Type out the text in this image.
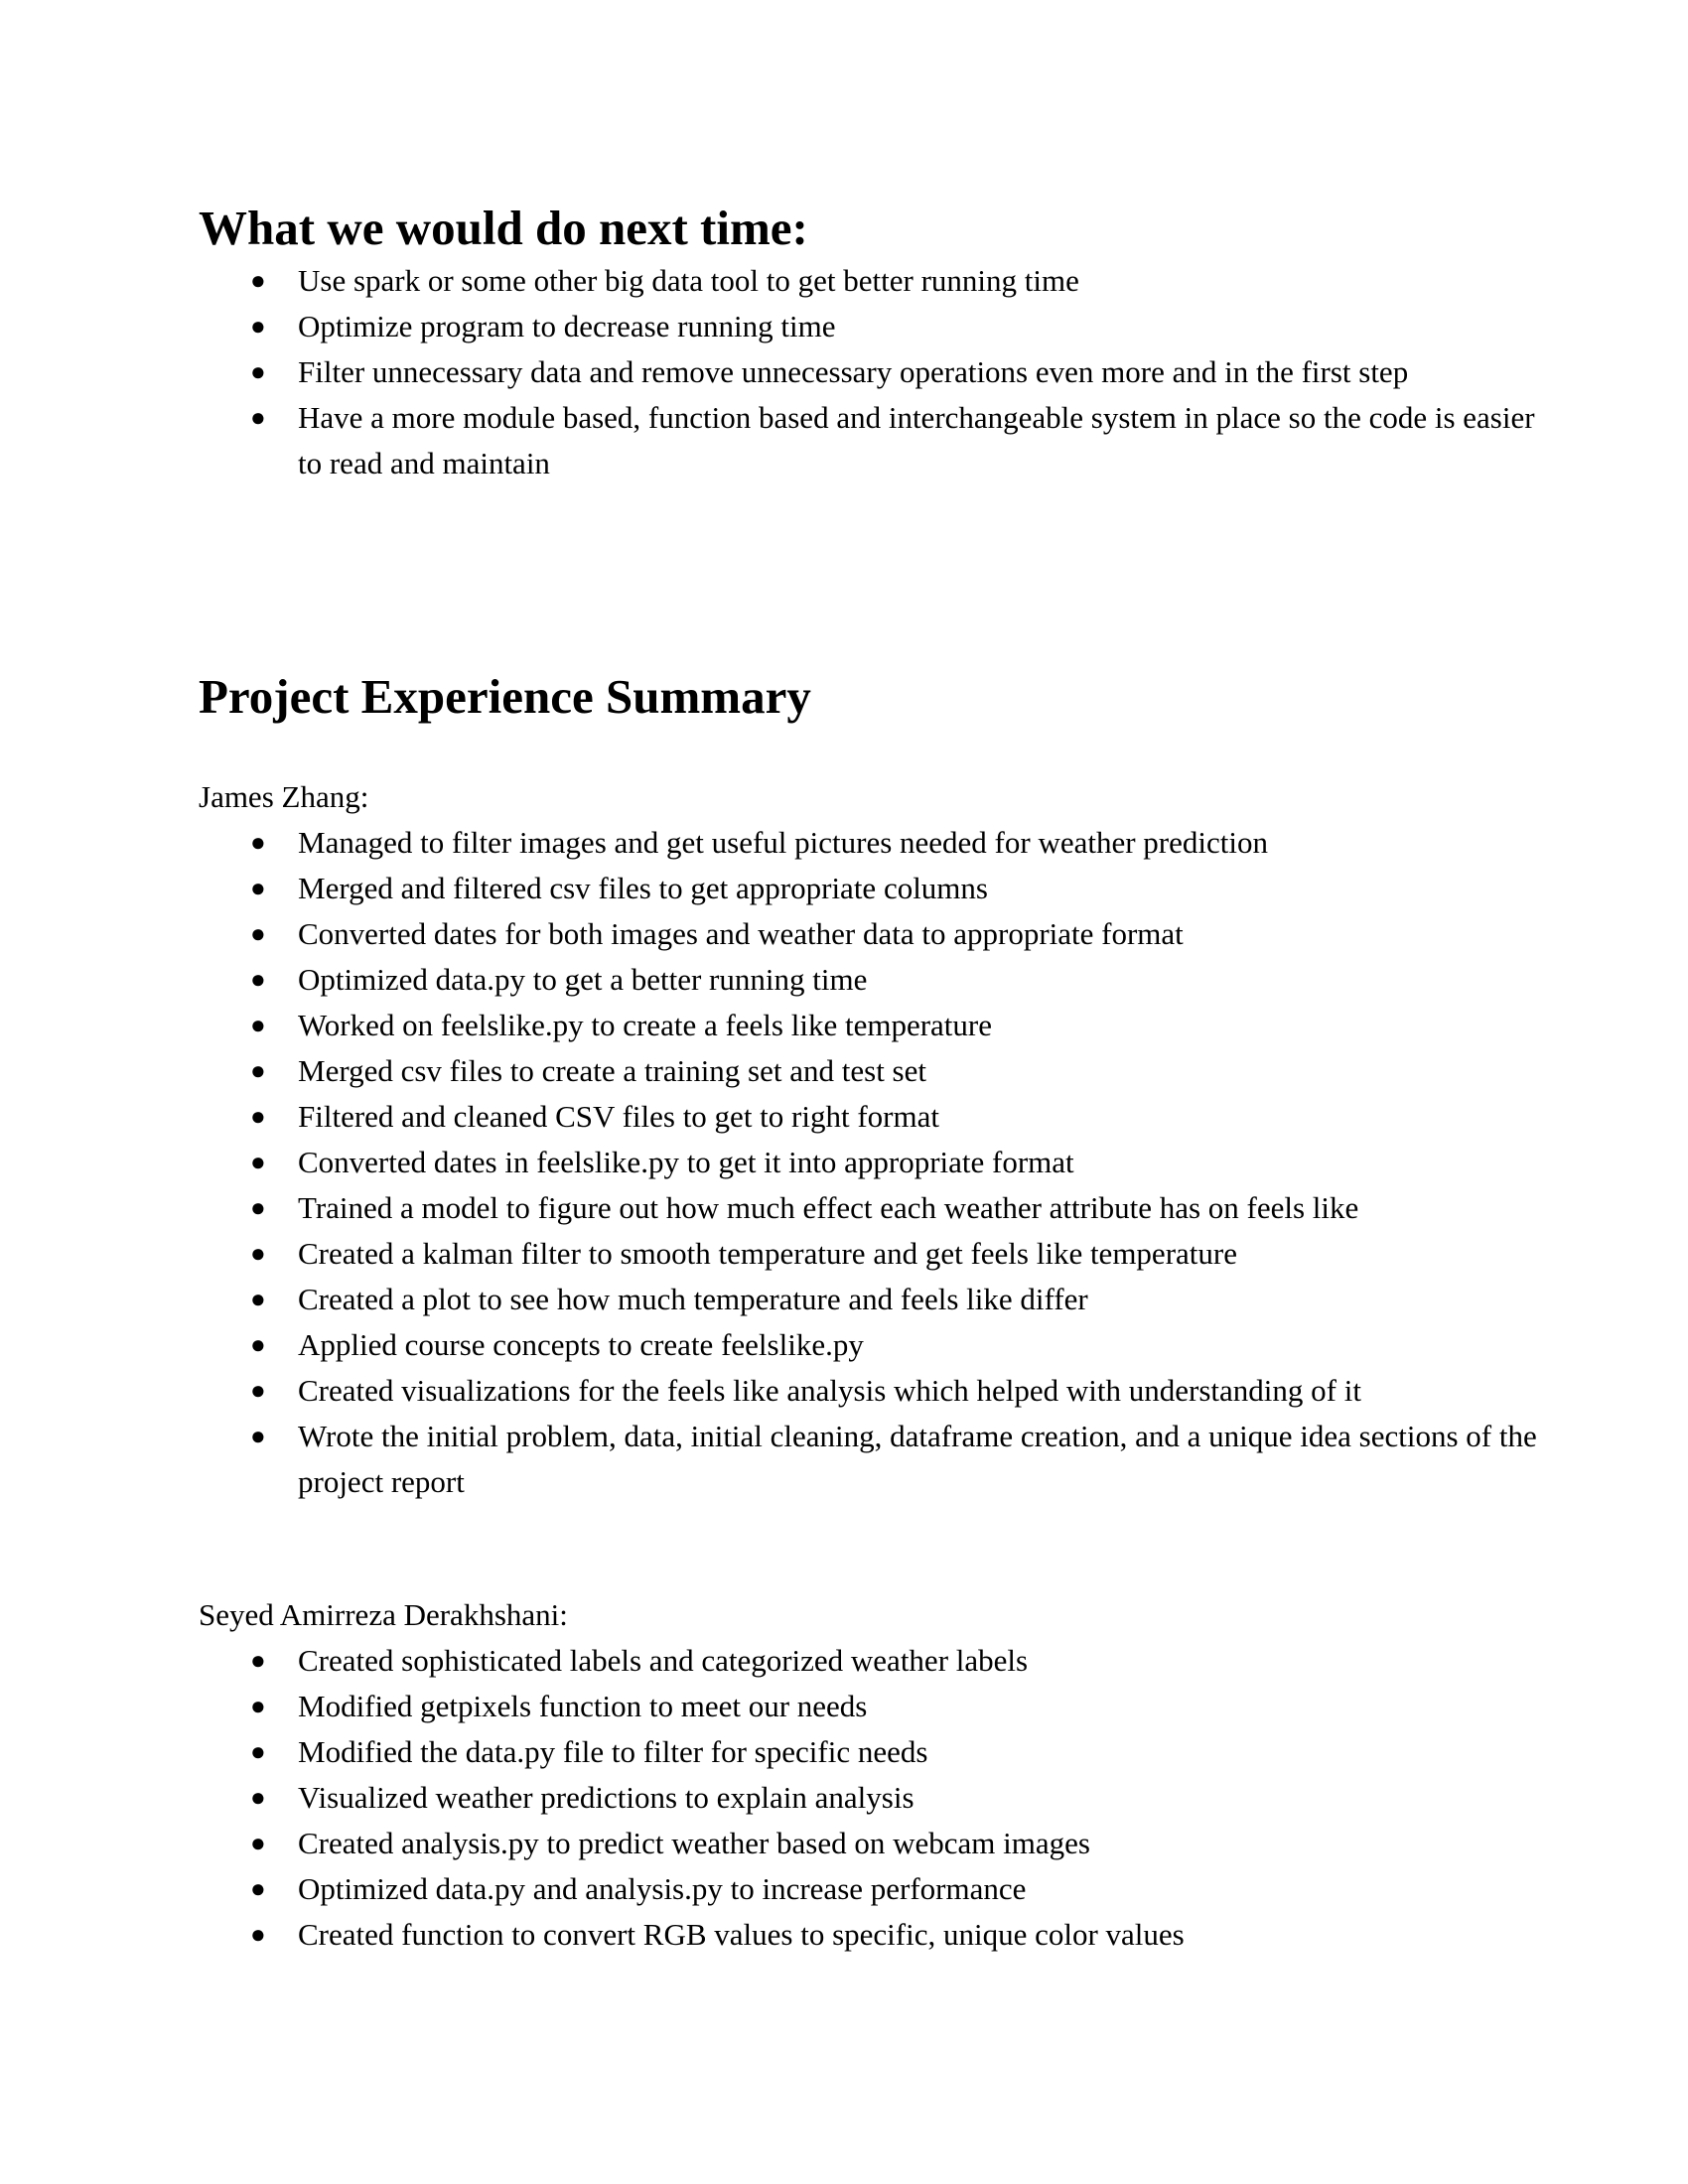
What we would do next time:
● Use spark or some other big data tool to get better running time
● Optimize program to decrease running time
● Filter unnecessary data and remove unnecessary operations even more and in the first step
● Have a more module based, function based and interchangeable system in place so the code is easier to read and maintain
Project Experience Summary

James Zhang:

● Managed to filter images and get useful pictures needed for weather prediction
● Merged and filtered csv files to get appropriate columns
● Converted dates for both images and weather data to appropriate format
● Optimized data.py to get a better running time
● Worked on feelslike.py to create a feels like temperature
● Merged csv files to create a training set and test set
● Filtered and cleaned CSV files to get to right format
● Converted dates in feelslike.py to get it into appropriate format
● Trained a model to figure out how much effect each weather attribute has on feels like
● Created a kalman filter to smooth temperature and get feels like temperature
● Created a plot to see how much temperature and feels like differ
● Applied course concepts to create feelslike.py
● Created visualizations for the feels like analysis which helped with understanding of it
● Wrote the initial problem, data, initial cleaning, dataframe creation, and a unique idea sections of the project report

Seyed Amirreza Derakhshani:

● Created sophisticated labels and categorized weather labels
● Modified getpixels function to meet our needs
● Modified the data.py file to filter for specific needs
● Visualized weather predictions to explain analysis
● Created analysis.py to predict weather based on webcam images
● Optimized data.py and analysis.py to increase performance
● Created function to convert RGB values to specific, unique color values
